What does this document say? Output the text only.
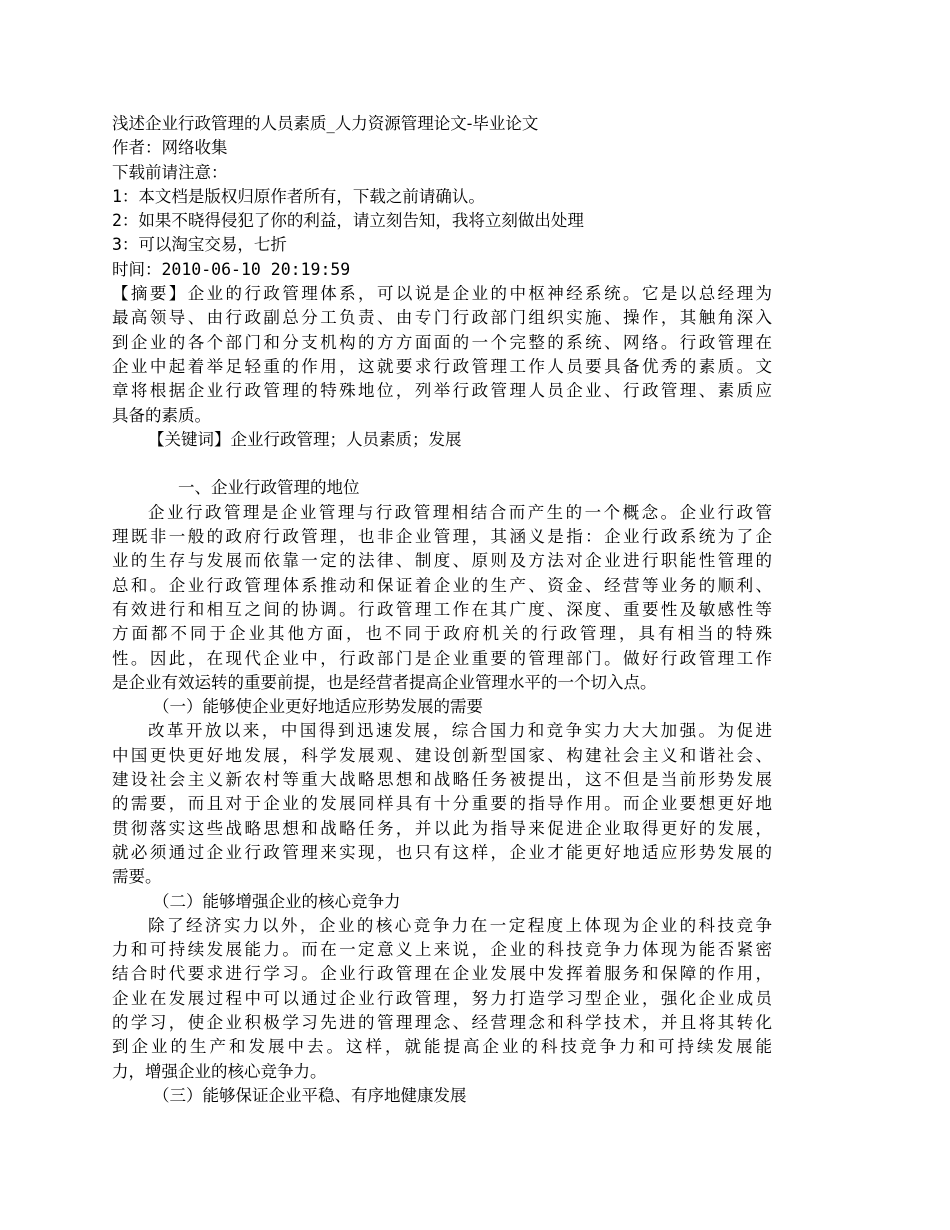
浅述企业行政管理的人员素质_人力资源管理论文-毕业论文
作者：网络收集
下载前请注意：
1：本文档是版权归原作者所有，下载之前请确认。
2：如果不晓得侵犯了你的利益，请立刻告知，我将立刻做出处理
3：可以淘宝交易，七折
时间：2010-06-10 20:19:59
【摘要】企业的行政管理体系，可以说是企业的中枢神经系统。它是以总经理为
最高领导、由行政副总分工负责、由专门行政部门组织实施、操作，其触角深入
到企业的各个部门和分支机构的方方面面的一个完整的系统、网络。行政管理在
企业中起着举足轻重的作用，这就要求行政管理工作人员要具备优秀的素质。文
章将根据企业行政管理的特殊地位，列举行政管理人员企业、行政管理、素质应
具备的素质。
【关键词】企业行政管理；人员素质；发展
一、企业行政管理的地位
企业行政管理是企业管理与行政管理相结合而产生的一个概念。企业行政管
理既非一般的政府行政管理，也非企业管理，其涵义是指：企业行政系统为了企
业的生存与发展而依靠一定的法律、制度、原则及方法对企业进行职能性管理的
总和。企业行政管理体系推动和保证着企业的生产、资金、经营等业务的顺利、
有效进行和相互之间的协调。行政管理工作在其广度、深度、重要性及敏感性等
方面都不同于企业其他方面，也不同于政府机关的行政管理，具有相当的特殊
性。因此，在现代企业中，行政部门是企业重要的管理部门。做好行政管理工作
是企业有效运转的重要前提，也是经营者提高企业管理水平的一个切入点。
（一）能够使企业更好地适应形势发展的需要
改革开放以来，中国得到迅速发展，综合国力和竞争实力大大加强。为促进
中国更快更好地发展，科学发展观、建设创新型国家、构建社会主义和谐社会、
建设社会主义新农村等重大战略思想和战略任务被提出，这不但是当前形势发展
的需要，而且对于企业的发展同样具有十分重要的指导作用。而企业要想更好地
贯彻落实这些战略思想和战略任务，并以此为指导来促进企业取得更好的发展，
就必须通过企业行政管理来实现，也只有这样，企业才能更好地适应形势发展的
需要。
（二）能够增强企业的核心竞争力
除了经济实力以外，企业的核心竞争力在一定程度上体现为企业的科技竞争
力和可持续发展能力。而在一定意义上来说，企业的科技竞争力体现为能否紧密
结合时代要求进行学习。企业行政管理在企业发展中发挥着服务和保障的作用，
企业在发展过程中可以通过企业行政管理，努力打造学习型企业，强化企业成员
的学习，使企业积极学习先进的管理理念、经营理念和科学技术，并且将其转化
到企业的生产和发展中去。这样，就能提高企业的科技竞争力和可持续发展能
力，增强企业的核心竞争力。
（三）能够保证企业平稳、有序地健康发展
